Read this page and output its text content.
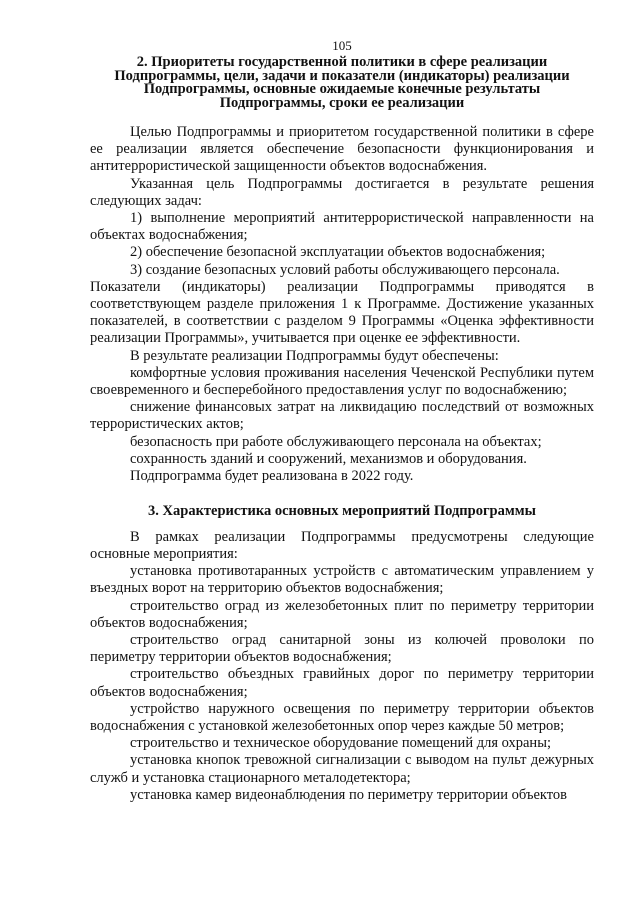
105
2. Приоритеты государственной политики в сфере реализации
Подпрограммы, цели, задачи и показатели (индикаторы) реализации
Подпрограммы, основные ожидаемые конечные результаты
Подпрограммы, сроки ее реализации

Целью Подпрограммы и приоритетом государственной политики в сфере ее реализации является обеспечение безопасности функционирования и антитеррористической защищенности объектов водоснабжения.

Указанная цель Подпрограммы достигается в результате решения следующих задач:

1) выполнение мероприятий антитеррористической направленности на объектах водоснабжения;

2) обеспечение безопасной эксплуатации объектов водоснабжения;

3) создание безопасных условий работы обслуживающего персонала.

Показатели (индикаторы) реализации Подпрограммы приводятся в соответствующем разделе приложения 1 к Программе. Достижение указанных показателей, в соответствии с разделом 9 Программы «Оценка эффективности реализации Программы», учитывается при оценке ее эффективности.

В результате реализации Подпрограммы будут обеспечены:

комфортные условия проживания населения Чеченской Республики путем своевременного и бесперебойного предоставления услуг по водоснабжению;

снижение финансовых затрат на ликвидацию последствий от возможных террористических актов;

безопасность при работе обслуживающего персонала на объектах;

сохранность зданий и сооружений, механизмов и оборудования.

Подпрограмма будет реализована в 2022 году.

3. Характеристика основных мероприятий Подпрограммы

В рамках реализации Подпрограммы предусмотрены следующие основные мероприятия:

установка противотаранных устройств с автоматическим управлением у въездных ворот на территорию объектов водоснабжения;

строительство оград из железобетонных плит по периметру территории объектов водоснабжения;

строительство оград санитарной зоны из колючей проволоки по периметру территории объектов водоснабжения;

строительство объездных гравийных дорог по периметру территории объектов водоснабжения;

устройство наружного освещения по периметру территории объектов водоснабжения с установкой железобетонных опор через каждые 50 метров;

строительство и техническое оборудование помещений для охраны;

установка кнопок тревожной сигнализации с выводом на пульт дежурных служб и установка стационарного металодетектора;

установка камер видеонаблюдения по периметру территории объектов
